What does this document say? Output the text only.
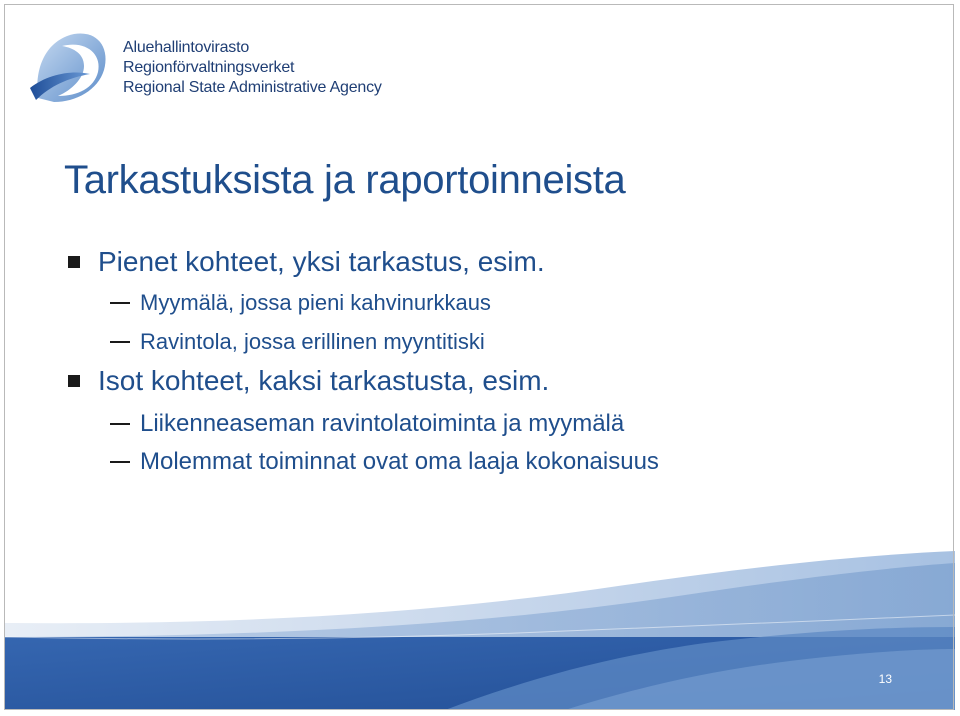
Aluehallintovirasto
Regionförvaltningsverket
Regional State Administrative Agency
Tarkastuksista ja raportoinneista
Pienet kohteet, yksi tarkastus, esim.
Myymälä, jossa pieni kahvinurkkaus
Ravintola, jossa erillinen myyntitiski
Isot kohteet, kaksi tarkastusta, esim.
Liikenneaseman ravintolatoiminta ja myymälä
Molemmat toiminnat ovat oma laaja kokonaisuus
13
